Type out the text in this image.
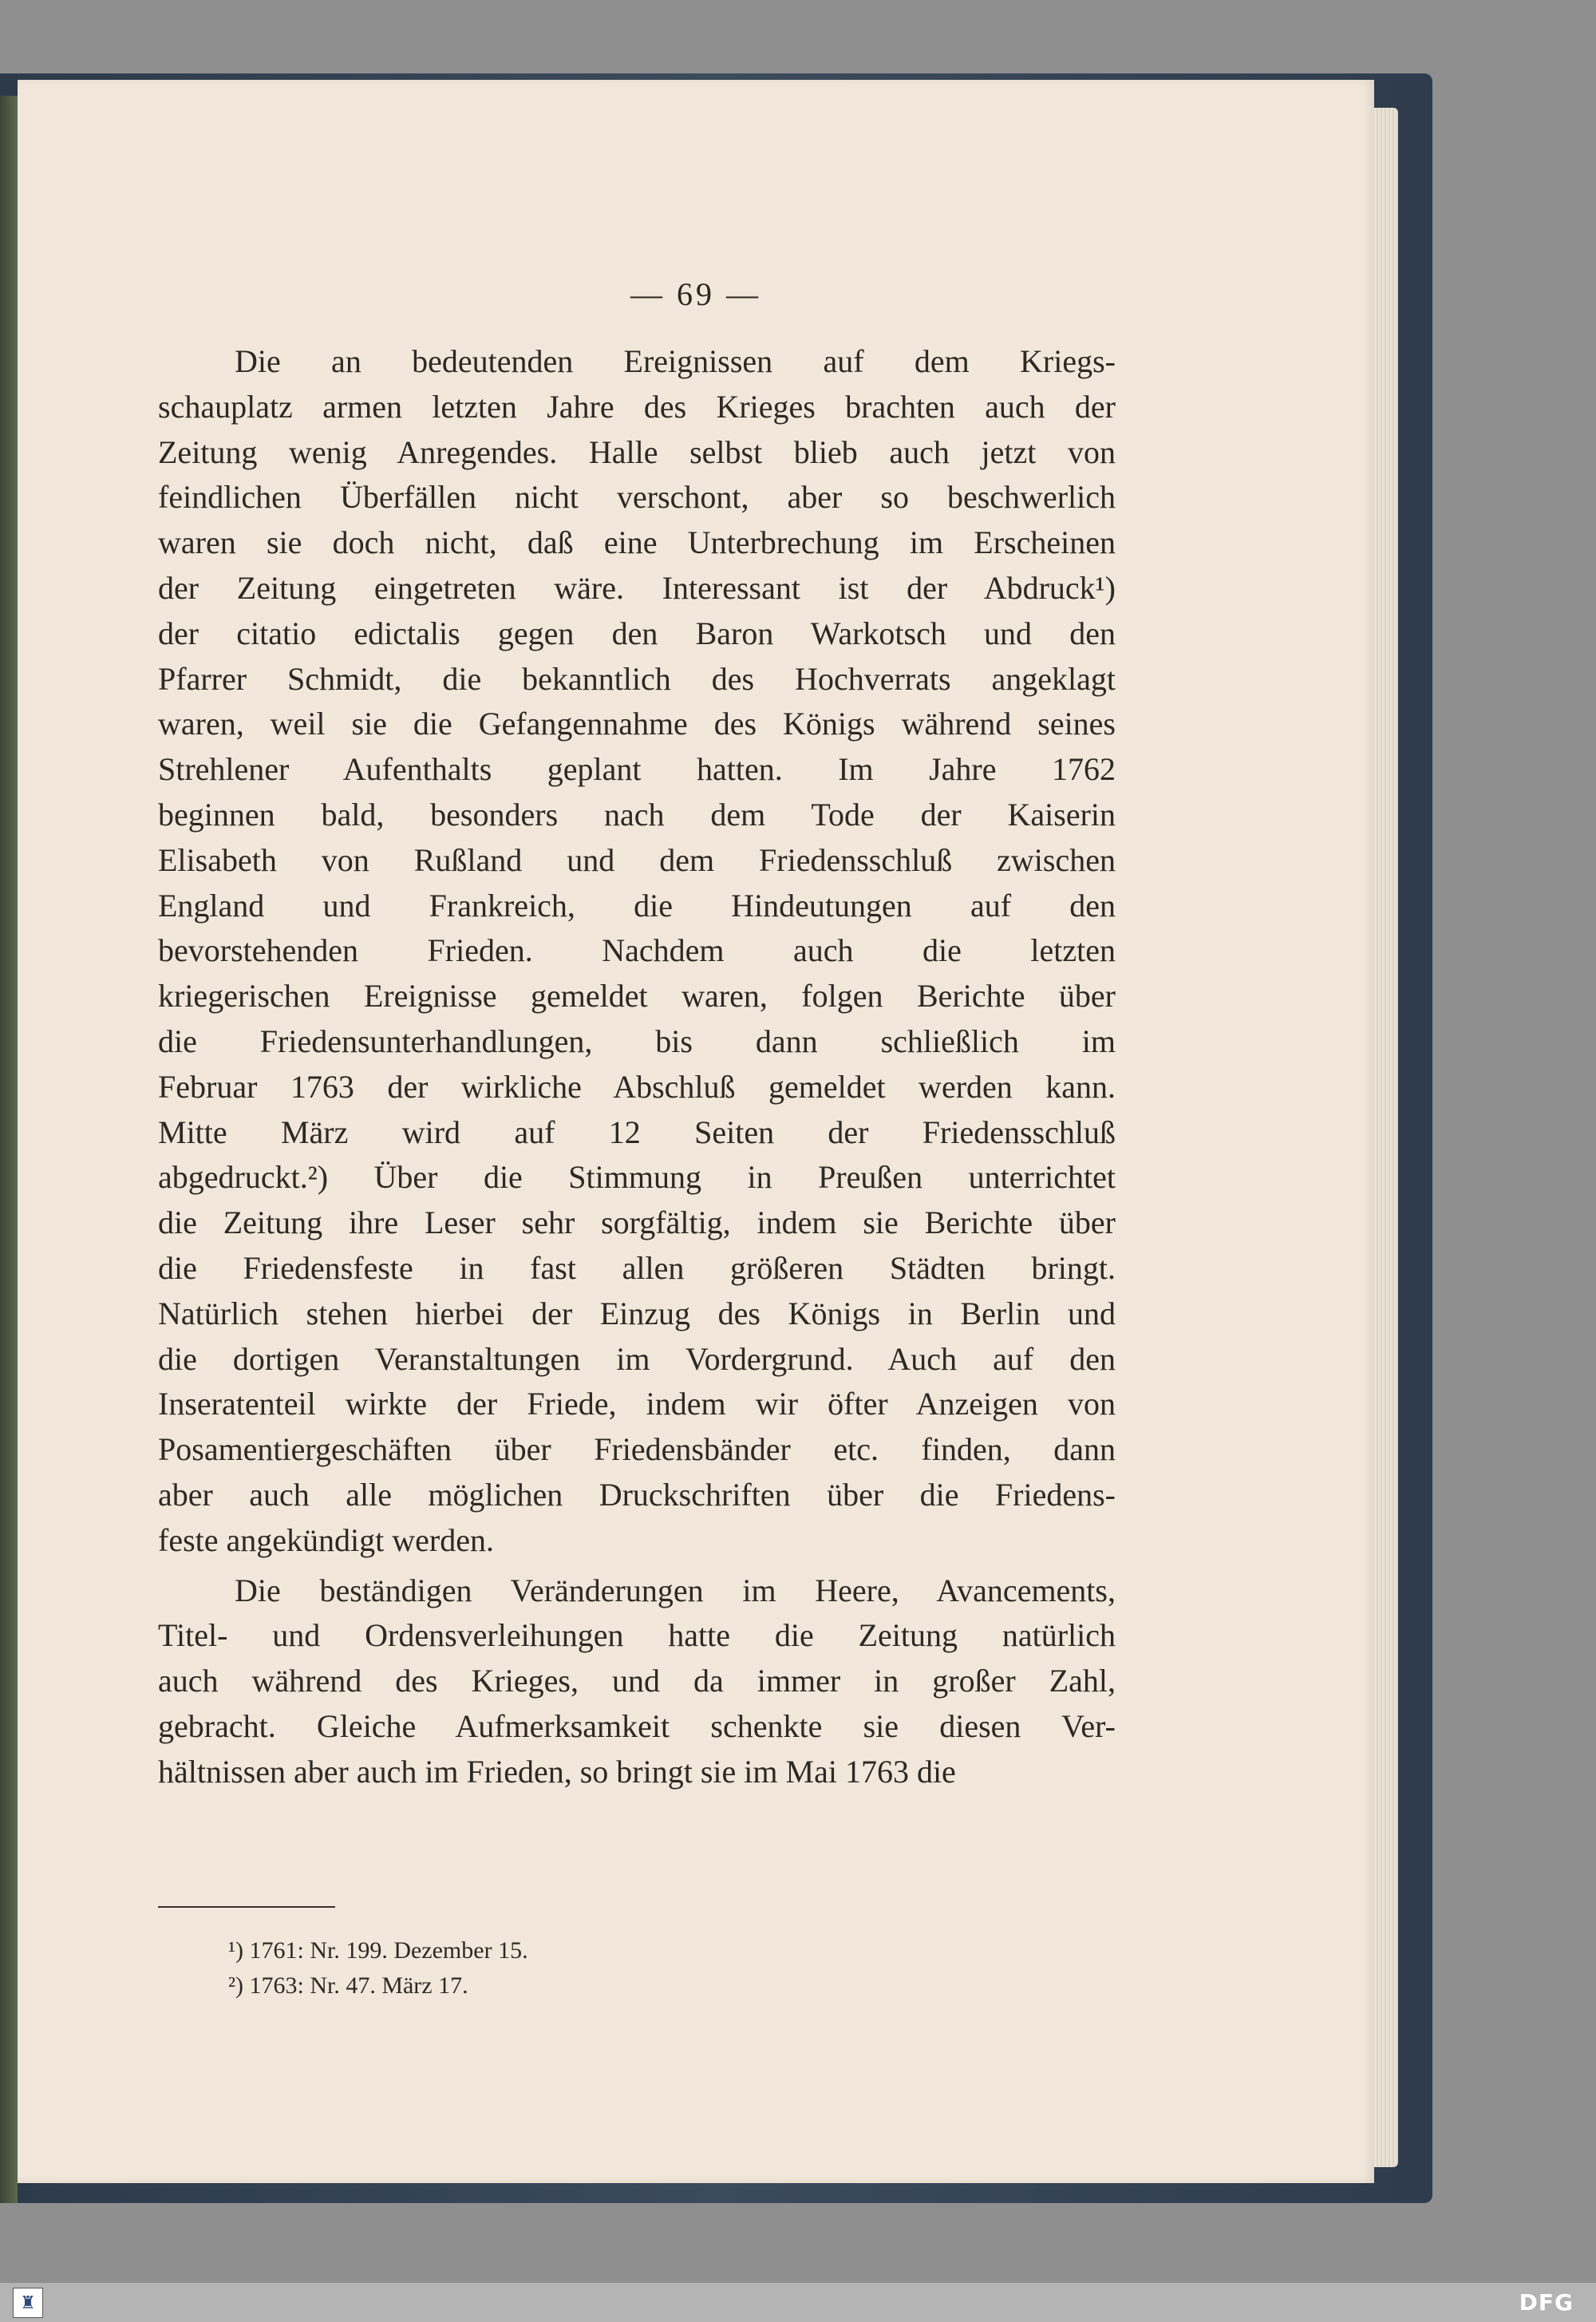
— 69 —
Die an bedeutenden Ereignissen auf dem Kriegs-
schauplatz armen letzten Jahre des Krieges brachten auch der
Zeitung wenig Anregendes. Halle selbst blieb auch jetzt von
feindlichen Überfällen nicht verschont, aber so beschwerlich
waren sie doch nicht, daß eine Unterbrechung im Erscheinen
der Zeitung eingetreten wäre. Interessant ist der Abdruck¹)
der citatio edictalis gegen den Baron Warkotsch und den
Pfarrer Schmidt, die bekanntlich des Hochverrats angeklagt
waren, weil sie die Gefangennahme des Königs während seines
Strehlener Aufenthalts geplant hatten. Im Jahre 1762
beginnen bald, besonders nach dem Tode der Kaiserin
Elisabeth von Rußland und dem Friedensschluß zwischen
England und Frankreich, die Hindeutungen auf den
bevorstehenden Frieden. Nachdem auch die letzten
kriegerischen Ereignisse gemeldet waren, folgen Berichte über
die Friedensunterhandlungen, bis dann schließlich im
Februar 1763 der wirkliche Abschluß gemeldet werden kann.
Mitte März wird auf 12 Seiten der Friedensschluß
abgedruckt.²) Über die Stimmung in Preußen unterrichtet
die Zeitung ihre Leser sehr sorgfältig, indem sie Berichte über
die Friedensfeste in fast allen größeren Städten bringt.
Natürlich stehen hierbei der Einzug des Königs in Berlin und
die dortigen Veranstaltungen im Vordergrund. Auch auf den
Inseratenteil wirkte der Friede, indem wir öfter Anzeigen von
Posamentiergeschäften über Friedensbänder etc. finden, dann
aber auch alle möglichen Druckschriften über die Friedens-
feste angekündigt werden.
Die beständigen Veränderungen im Heere, Avancements,
Titel- und Ordensverleihungen hatte die Zeitung natürlich
auch während des Krieges, und da immer in großer Zahl,
gebracht. Gleiche Aufmerksamkeit schenkte sie diesen Ver-
hältnissen aber auch im Frieden, so bringt sie im Mai 1763 die
¹) 1761: Nr. 199. Dezember 15.
²) 1763: Nr. 47. März 17.
♜	DFG
